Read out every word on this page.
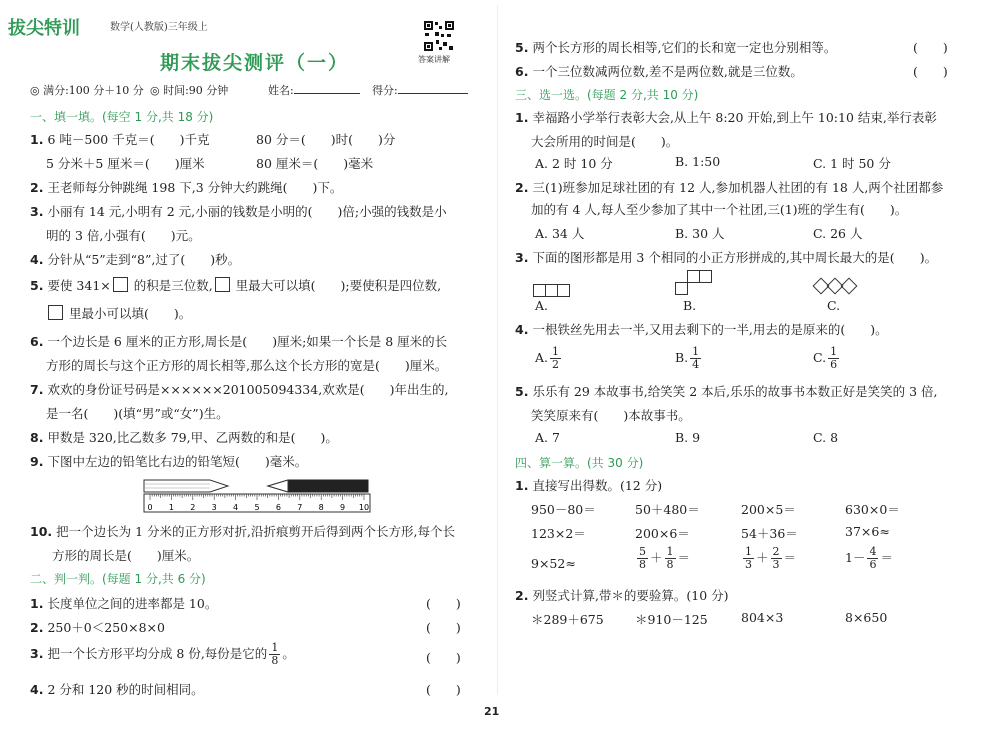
拔尖特训	数学(人教版)三年级上
答案讲解
期末拔尖测评（一）
◎ 满分:100 分＋10 分 ◎ 时间:90 分钟	姓名:	得分:
一、填一填。(每空 1 分,共 18 分)
1. 6 吨－500 千克＝(　　)千克	80 分＝(　　)时(　　)分
5 分米＋5 厘米＝(　　)厘米	80 厘米＝(　　)毫米
2. 王老师每分钟跳绳 198 下,3 分钟大约跳绳(　　)下。
3. 小丽有 14 元,小明有 2 元,小丽的钱数是小明的(　　)倍;小强的钱数是小
明的 3 倍,小强有(　　)元。
4. 分针从“5”走到“8”,过了(　　)秒。
5. 要使 341× 的积是三位数, 里最大可以填(　　);要使积是四位数,
里最小可以填(　　)。
6. 一个边长是 6 厘米的正方形,周长是(　　)厘米;如果一个长是 8 厘米的长
方形的周长与这个正方形的周长相等,那么这个长方形的宽是(　　)厘米。
7. 欢欢的身份证号码是××××××201005094334,欢欢是(　　)年出生的,
是一名(　　)(填“男”或“女”)生。
8. 甲数是 320,比乙数多 79,甲、乙两数的和是(　　)。
9. 下图中左边的铅笔比右边的铅笔短(　　)毫米。
0 1 2 3 4 5 6 7 8 9 10
10. 把一个边长为 1 分米的正方形对折,沿折痕剪开后得到两个长方形,每个长
方形的周长是(　　)厘米。
二、判一判。(每题 1 分,共 6 分)
1. 长度单位之间的进率都是 10。	(　　)
2. 250＋0＜250×8×0	(　　)
3. 把一个长方形平均分成 8 份,每份是它的 $\frac{1}{8}$ 。	(　　)
4. 2 分和 120 秒的时间相同。	(　　)
5. 两个长方形的周长相等,它们的长和宽一定也分别相等。	(　　)
6. 一个三位数减两位数,差不是两位数,就是三位数。	(　　)
三、选一选。(每题 2 分,共 10 分)
1. 幸福路小学举行表彰大会,从上午 8:20 开始,到上午 10:10 结束,举行表彰
大会所用的时间是(　　)。
A. 2 时 10 分	B. 1:50	C. 1 时 50 分
2. 三(1)班参加足球社团的有 12 人,参加机器人社团的有 18 人,两个社团都参
加的有 4 人,每人至少参加了其中一个社团,三(1)班的学生有(　　)。
A. 34 人	B. 30 人	C. 26 人
3. 下面的图形都是用 3 个相同的小正方形拼成的,其中周长最大的是(　　)。
A.	B.	C.
4. 一根铁丝先用去一半,又用去剩下的一半,用去的是原来的(　　)。
A. $\frac{1}{2}$	B. $\frac{1}{4}$	C. $\frac{1}{6}$
5. 乐乐有 29 本故事书,给笑笑 2 本后,乐乐的故事书本数正好是笑笑的 3 倍,
笑笑原来有(　　)本故事书。
A. 7	B. 9	C. 8
四、算一算。(共 30 分)
1. 直接写出得数。(12 分)
950－80＝	50＋480＝	200×5＝	630×0＝
123×2＝	200×6＝	54＋36＝	37×6≈
9×52≈	$\frac{5}{8} + \frac{1}{8}$ ＝	$\frac{1}{3} + \frac{2}{3}$ ＝	$1- \frac{4}{6}$ ＝
2. 列竖式计算,带＊的要验算。(10 分)
＊289＋675	＊910－125	804×3	8×650
21
